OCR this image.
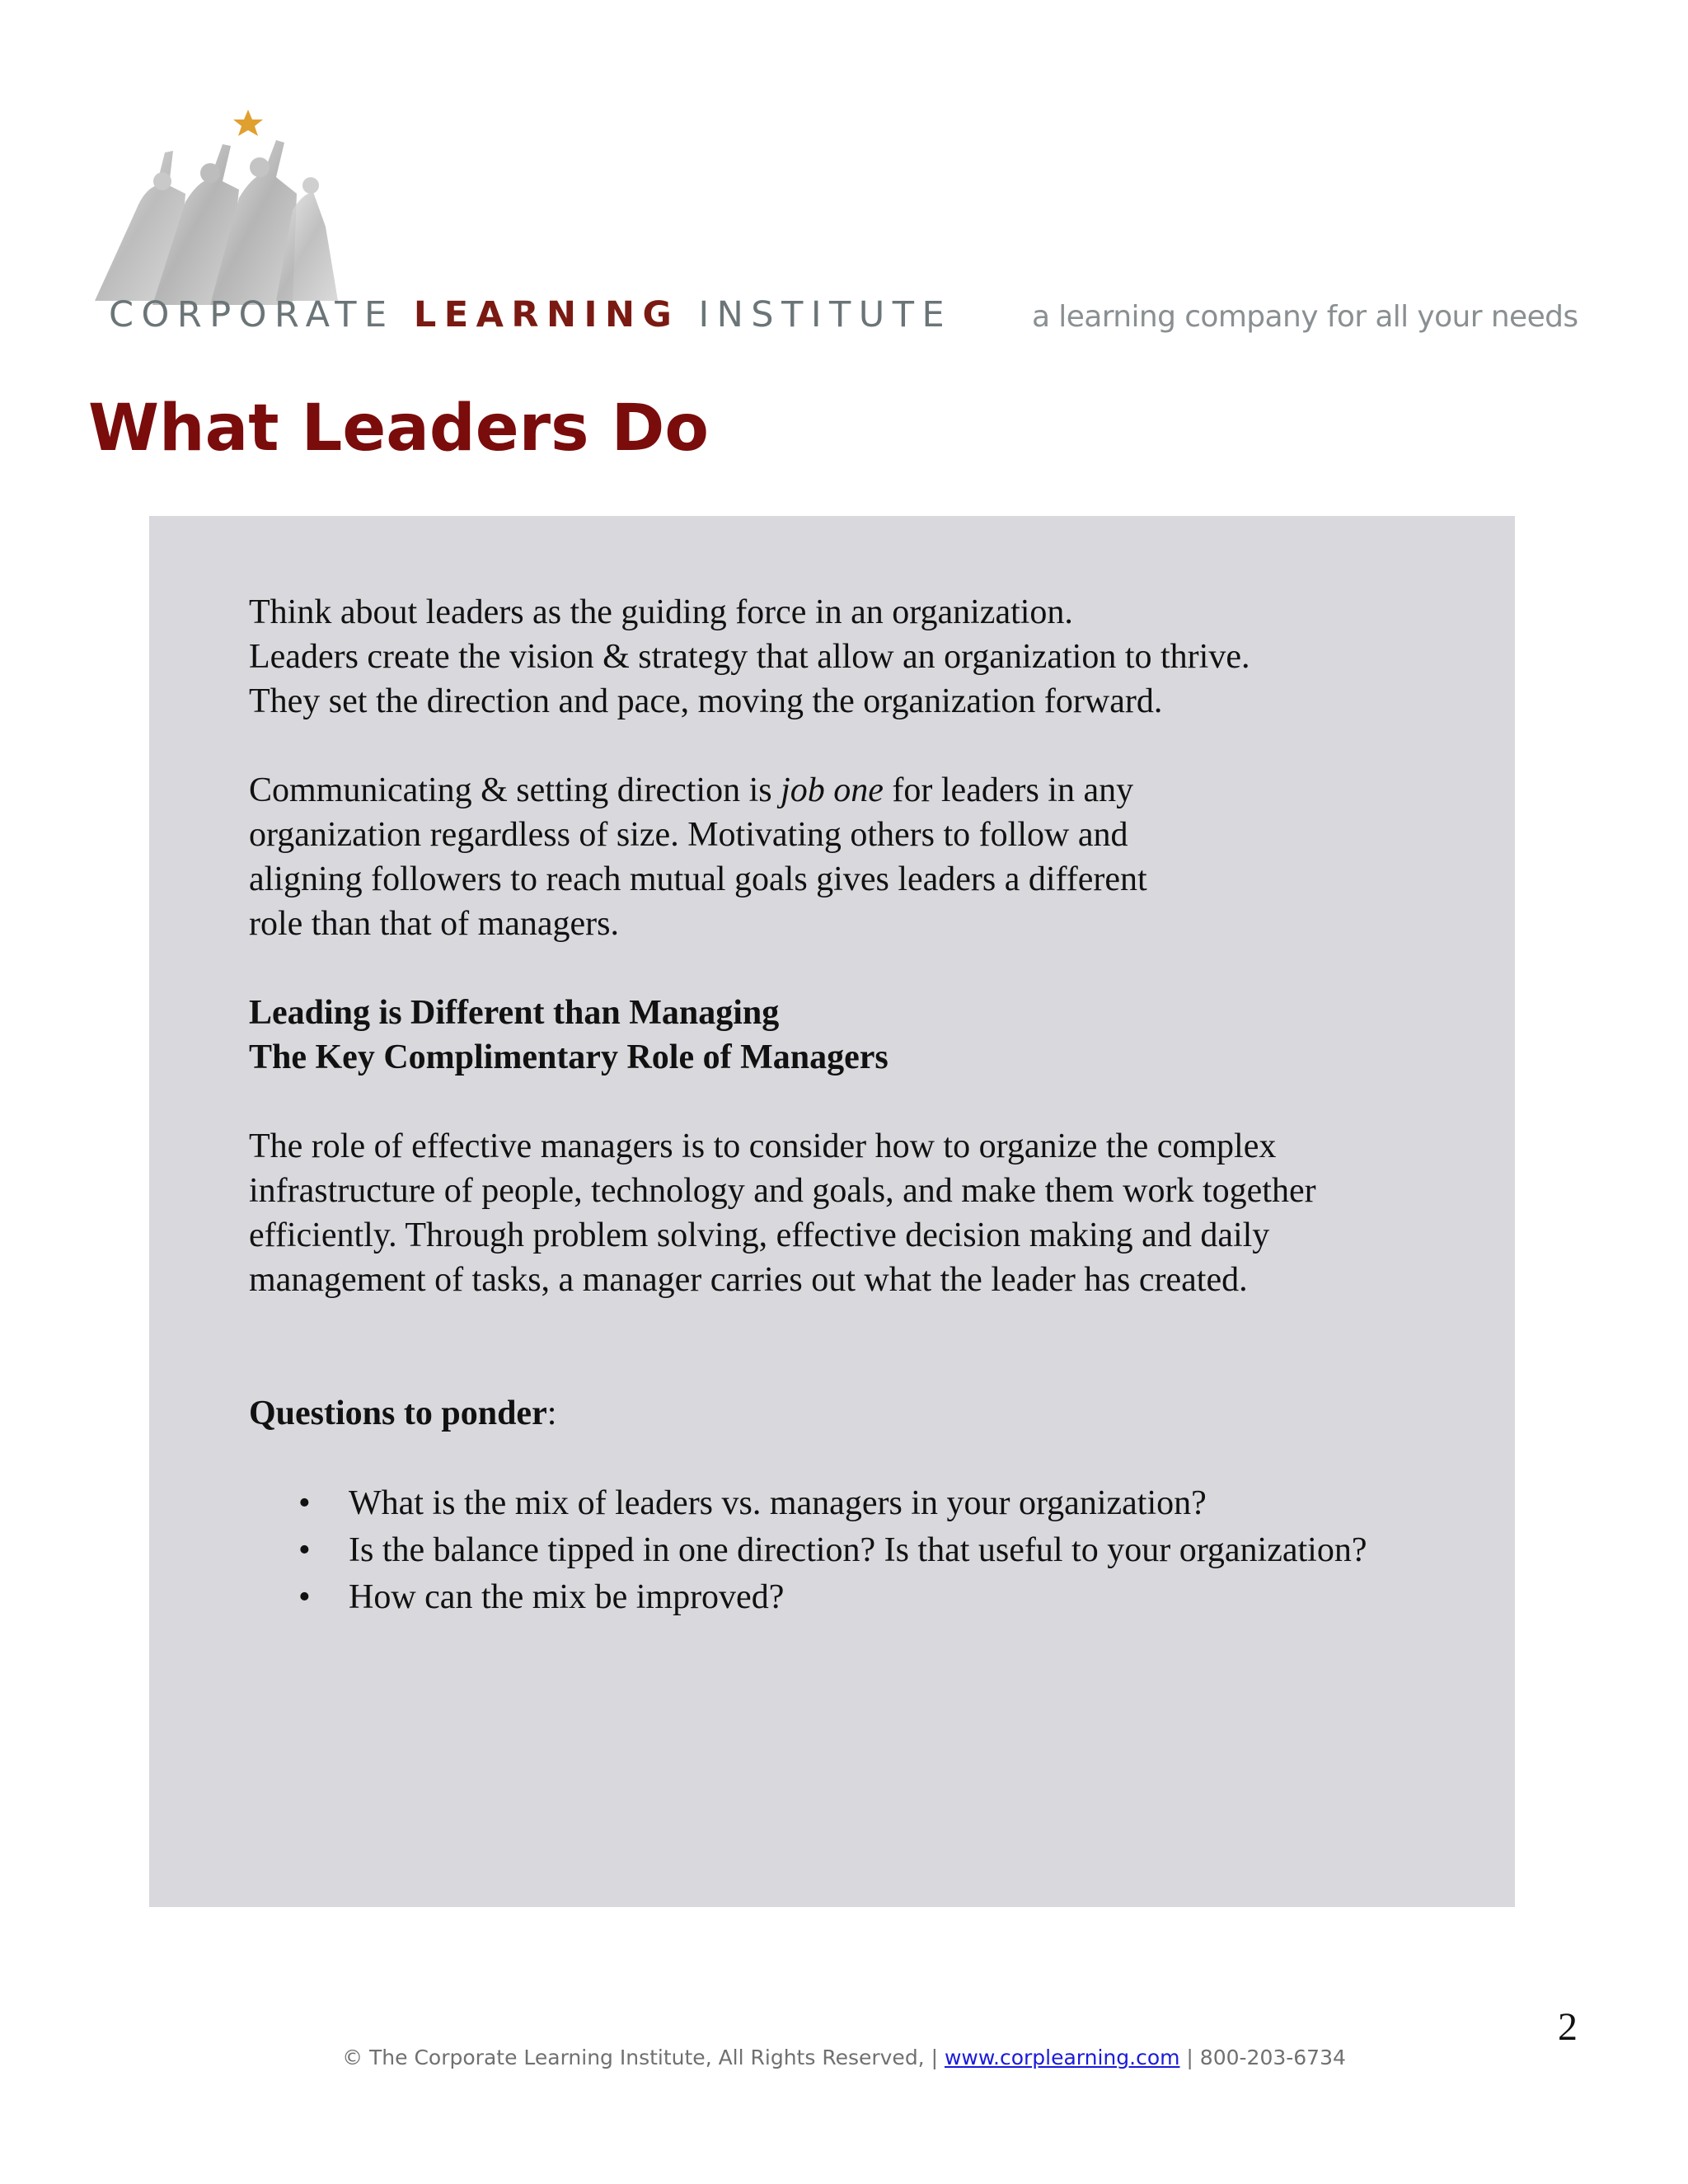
CORPORATE LEARNING INSTITUTE	a learning company for all your needs
What Leaders Do

Think about leaders as the guiding force in an organization.

Leaders create the vision & strategy that allow an organization to thrive.

They set the direction and pace, moving the organization forward.

Communicating & setting direction is job one for leaders in any

organization regardless of size. Motivating others to follow and

aligning followers to reach mutual goals gives leaders a different

role than that of managers.

Leading is Different than Managing

The Key Complimentary Role of Managers

The role of effective managers is to consider how to organize the complex

infrastructure of people, technology and goals, and make them work together

efficiently. Through problem solving, effective decision making and daily

management of tasks, a manager carries out what the leader has created.

Questions to ponder:

• What is the mix of leaders vs. managers in your organization?
• Is the balance tipped in one direction? Is that useful to your organization?
• How can the mix be improved?
2
© The Corporate Learning Institute, All Rights Reserved, | www.corplearning.com | 800-203-6734
